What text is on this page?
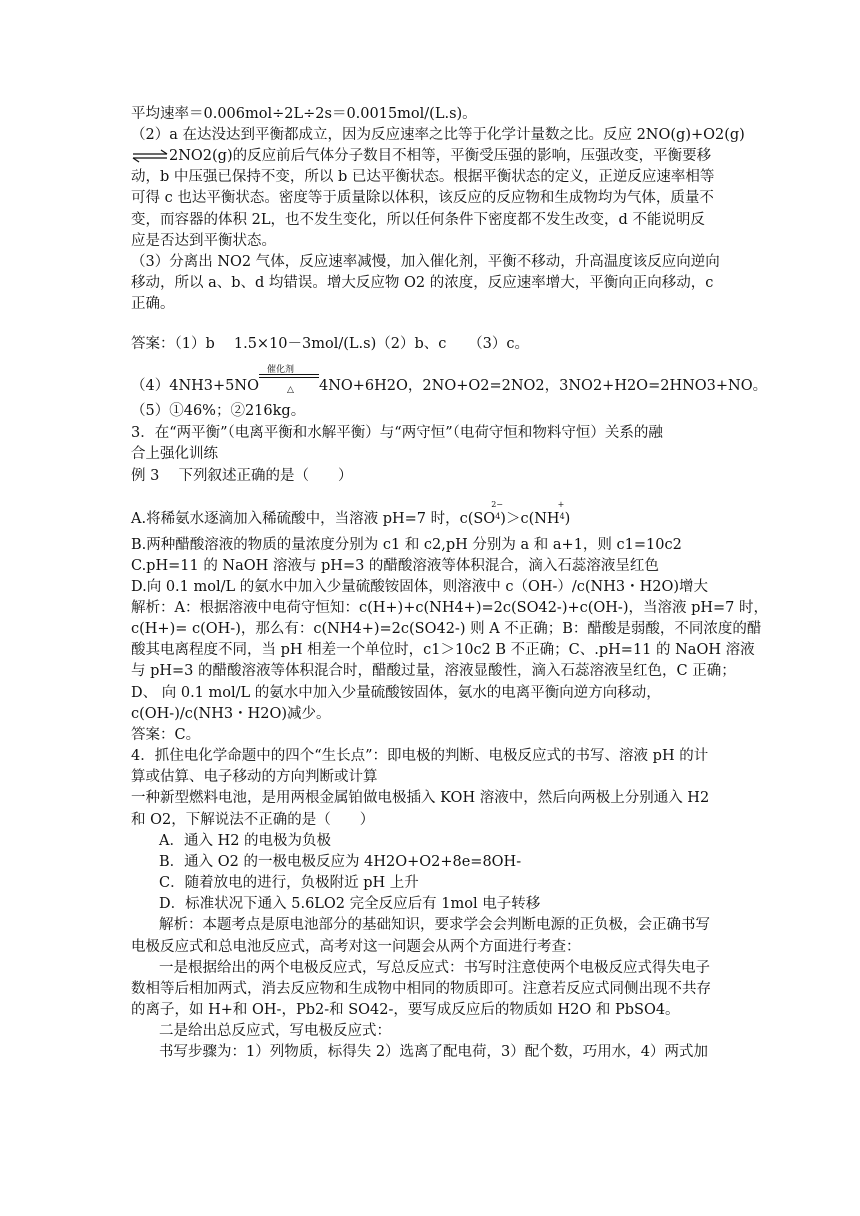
平均速率＝0.006mol÷2L÷2s＝0.0015mol/(L.s)。
（2）a 在达没达到平衡都成立，因为反应速率之比等于化学计量数之比。反应 2NO(g)+O2(g)
⇌2NO2(g)的反应前后气体分子数目不相等，平衡受压强的影响，压强改变，平衡要移
动，b 中压强已保持不变，所以 b 已达平衡状态。根据平衡状态的定义，正逆反应速率相等
可得 c 也达平衡状态。密度等于质量除以体积，该反应的反应物和生成物均为气体，质量不
变，而容器的体积 2L，也不发生变化，所以任何条件下密度都不发生改变，d 不能说明反
应是否达到平衡状态。
（3）分离出 NO2 气体，反应速率减慢，加入催化剂，平衡不移动，升高温度该反应向逆向
移动，所以 a、b、d 均错误。增大反应物 O2 的浓度，反应速率增大，平衡向正向移动，c
正确。
答案：（1）b　 1.5×10－3mol/(L.s)（2）b、c　　（3）c。
（4）4NH3+5NO
催化剂
△ 4NO+6H2O，2NO+O2=2NO2，3NO2+H2O=2HNO3+NO。
（5）①46%；②216kg。
3．在“两平衡”（电离平衡和水解平衡）与“两守恒”（电荷守恒和物料守恒）关系的融
合上强化训练
例 3　 下列叙述正确的是（　　）
A.将稀氨水逐滴加入稀硫酸中，当溶液 pH=7 时，c(SO
2−
$^4$)＞c(NH
+
$^4$)
B.两种醋酸溶液的物质的量浓度分别为 c1 和 c2,pH 分别为 a 和 a+1，则 c1=10c2
C.pH=11 的 NaOH 溶液与 pH=3 的醋酸溶液等体积混合，滴入石蕊溶液呈红色
D.向 0.1 mol/L 的氨水中加入少量硫酸铵固体，则溶液中 c（OH-）/c(NH3・H2O)增大
解析：A：根据溶液中电荷守恒知：c(H+)+c(NH4+)=2c(SO42-)+c(OH-)，当溶液 pH=7 时，
c(H+)= c(OH-)，那么有：c(NH4+)=2c(SO42-) 则 A 不正确；B：醋酸是弱酸，不同浓度的醋
酸其电离程度不同，当 pH 相差一个单位时，c1＞10c2 B 不正确；C、.pH=11 的 NaOH 溶液
与 pH=3 的醋酸溶液等体积混合时，醋酸过量，溶液显酸性，滴入石蕊溶液呈红色，C 正确；
D、 向 0.1 mol/L 的氨水中加入少量硫酸铵固体，氨水的电离平衡向逆方向移动，
c(OH-)/c(NH3・H2O)减少。
答案：C。
4．抓住电化学命题中的四个“生长点”：即电极的判断、电极反应式的书写、溶液 pH 的计
算或估算、电子移动的方向判断或计算
一种新型燃料电池，是用两根金属铂做电极插入 KOH 溶液中，然后向两极上分别通入 H2
和 O2，下解说法不正确的是（　　）
A．通入 H2 的电极为负极
B．通入 O2 的一极电极反应为 4H2O+O2+8e=8OH-
C．随着放电的进行，负极附近 pH 上升
D．标准状况下通入 5.6LO2 完全反应后有 1mol 电子转移
解析：本题考点是原电池部分的基础知识，要求学会会判断电源的正负极，会正确书写
电极反应式和总电池反应式，高考对这一问题会从两个方面进行考查：
一是根据给出的两个电极反应式，写总反应式：书写时注意使两个电极反应式得失电子
数相等后相加两式，消去反应物和生成物中相同的物质即可。注意若反应式同侧出现不共存
的离子，如 H+和 OH-，Pb2-和 SO42-，要写成反应后的物质如 H2O 和 PbSO4。
二是给出总反应式，写电极反应式：
书写步骤为：1）列物质，标得失 2）选离了配电荷，3）配个数，巧用水，4）两式加
